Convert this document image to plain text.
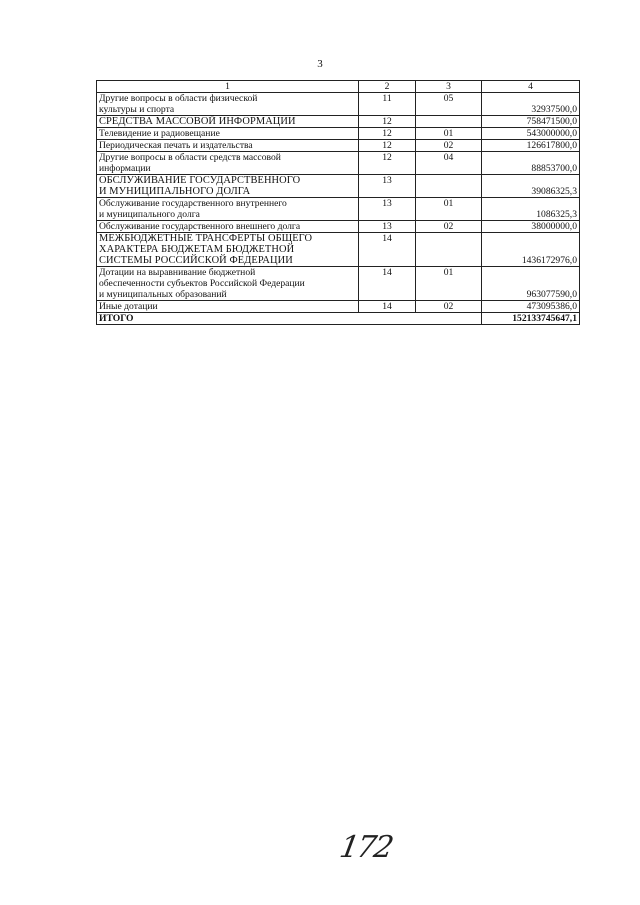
3
1	2	3	4

Другие вопросы в области физической
культуры и спорта	11	05	32937500,0

СРЕДСТВА МАССОВОЙ ИНФОРМАЦИИ	12		758471500,0

Телевидение и радиовещание	12	01	543000000,0

Периодическая печать и издательства	12	02	126617800,0

Другие вопросы в области средств массовой
информации	12	04	88853700,0

ОБСЛУЖИВАНИЕ ГОСУДАРСТВЕННОГО
И МУНИЦИПАЛЬНОГО ДОЛГА	13		39086325,3

Обслуживание государственного внутреннего
и муниципального долга	13	01	1086325,3

Обслуживание государственного внешнего долга	13	02	38000000,0

МЕЖБЮДЖЕТНЫЕ ТРАНСФЕРТЫ ОБЩЕГО
ХАРАКТЕРА БЮДЖЕТАМ БЮДЖЕТНОЙ
СИСТЕМЫ РОССИЙСКОЙ ФЕДЕРАЦИИ	14		1436172976,0

Дотации на выравнивание бюджетной
обеспеченности субъектов Российской Федерации
и муниципальных образований	14	01	963077590,0

Иные дотации	14	02	473095386,0
ИТОГО			152133745647,1
172
